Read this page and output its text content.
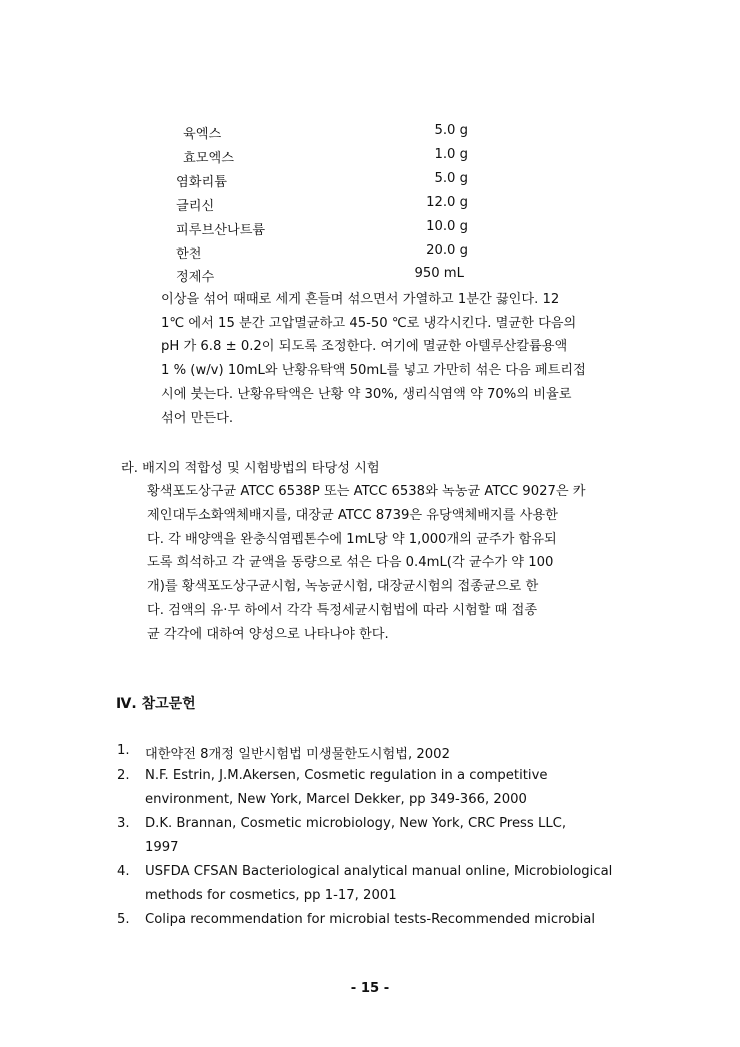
육엑스	5.0 g
효모엑스	1.0 g
염화리튬	5.0 g
글리신	12.0 g
피루브산나트륨	10.0 g
한천	20.0 g
정제수	950 mL
이상을 섞어 때때로 세게 흔들며 섞으면서 가열하고 1분간 끓인다. 12
1℃ 에서 15 분간 고압멸균하고 45-50 ℃로 냉각시킨다. 멸균한 다음의
pH 가 6.8 ± 0.2이 되도록 조정한다. 여기에 멸균한 아텔루산칼륨용액
1 % (w/v) 10mL와 난황유탁액 50mL를 넣고 가만히 섞은 다음 페트리접
시에 붓는다. 난황유탁액은 난황 약 30%, 생리식염액 약 70%의 비율로
섞어 만든다.
라. 배지의 적합성 및 시험방법의 타당성 시험
황색포도상구균 ATCC 6538P 또는 ATCC 6538와 녹농균 ATCC 9027은 카
제인대두소화액체배지를, 대장균 ATCC 8739은 유당액체배지를 사용한
다. 각 배양액을 완충식염펩톤수에 1mL당 약 1,000개의 균주가 함유되
도록 희석하고 각 균액을 동량으로 섞은 다음 0.4mL(각 균수가 약 100
개)를 황색포도상구균시험, 녹농균시험, 대장균시험의 접종균으로 한
다. 검액의 유·무 하에서 각각 특정세균시험법에 따라 시험할 때 접종
균 각각에 대하여 양성으로 나타나야 한다.
Ⅳ. 참고문헌
1. 대한약전 8개정 일반시험법 미생물한도시험법, 2002
2. N.F. Estrin, J.M.Akersen, Cosmetic regulation in a competitive
environment, New York, Marcel Dekker, pp 349-366, 2000
3. D.K. Brannan, Cosmetic microbiology, New York, CRC Press LLC,
1997
4. USFDA CFSAN Bacteriological analytical manual online, Microbiological
methods for cosmetics, pp 1-17, 2001
5. Colipa recommendation for microbial tests-Recommended microbial
- 15 -
